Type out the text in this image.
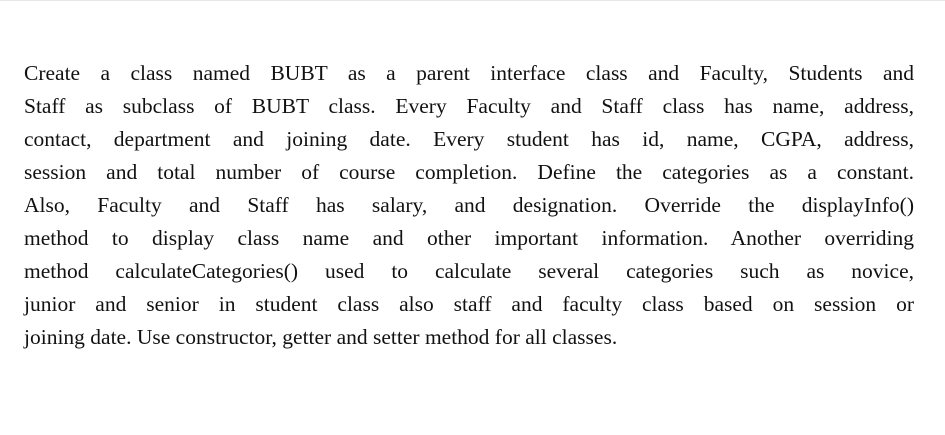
Create a class named BUBT as a parent interface class and Faculty, Students and
Staff as subclass of BUBT class. Every Faculty and Staff class has name, address,
contact, department and joining date. Every student has id, name, CGPA, address,
session and total number of course completion. Define the categories as a constant.
Also, Faculty and Staff has salary, and designation. Override the displayInfo()
method to display class name and other important information. Another overriding
method calculateCategories() used to calculate several categories such as novice,
junior and senior in student class also staff and faculty class based on session or
joining date. Use constructor, getter and setter method for all classes.
